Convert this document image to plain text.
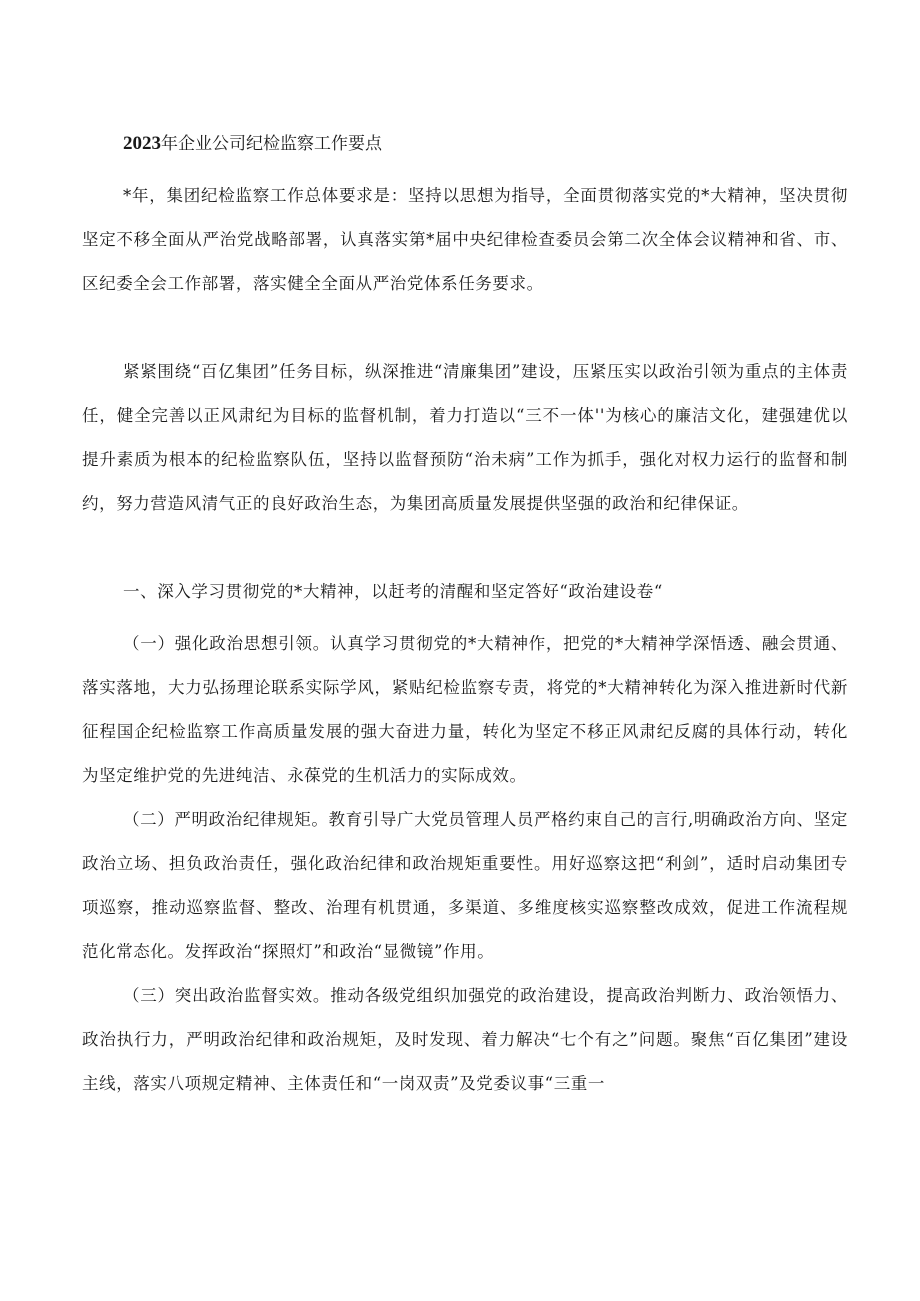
2023年企业公司纪检监察工作要点

*年，集团纪检监察工作总体要求是：坚持以思想为指导，全面贯彻落实党的*大精神，坚决贯彻坚定不移全面从严治党战略部署，认真落实第*届中央纪律检查委员会第二次全体会议精神和省、市、区纪委全会工作部署，落实健全全面从严治党体系任务要求。

紧紧围绕“百亿集团”任务目标，纵深推进“清廉集团”建设，压紧压实以政治引领为重点的主体责任，健全完善以正风肃纪为目标的监督机制，着力打造以“三不一体''为核心的廉洁文化，建强建优以提升素质为根本的纪检监察队伍，坚持以监督预防“治未病”工作为抓手，强化对权力运行的监督和制约，努力营造风清气正的良好政治生态，为集团高质量发展提供坚强的政治和纪律保证。

一、深入学习贯彻党的*大精神，以赶考的清醒和坚定答好“政治建设卷“

（一）强化政治思想引领。认真学习贯彻党的*大精神作，把党的*大精神学深悟透、融会贯通、落实落地，大力弘扬理论联系实际学风，紧贴纪检监察专责，将党的*大精神转化为深入推进新时代新征程国企纪检监察工作高质量发展的强大奋进力量，转化为坚定不移正风肃纪反腐的具体行动，转化为坚定维护党的先进纯洁、永葆党的生机活力的实际成效。

（二）严明政治纪律规矩。教育引导广大党员管理人员严格约束自己的言行,明确政治方向、坚定政治立场、担负政治责任，强化政治纪律和政治规矩重要性。用好巡察这把“利剑”，适时启动集团专项巡察，推动巡察监督、整改、治理有机贯通，多渠道、多维度核实巡察整改成效，促进工作流程规范化常态化。发挥政治“探照灯”和政治“显微镜”作用。

（三）突出政治监督实效。推动各级党组织加强党的政治建设，提高政治判断力、政治领悟力、政治执行力，严明政治纪律和政治规矩，及时发现、着力解决“七个有之”问题。聚焦“百亿集团”建设主线，落实八项规定精神、主体责任和“一岗双责”及党委议事“三重一
